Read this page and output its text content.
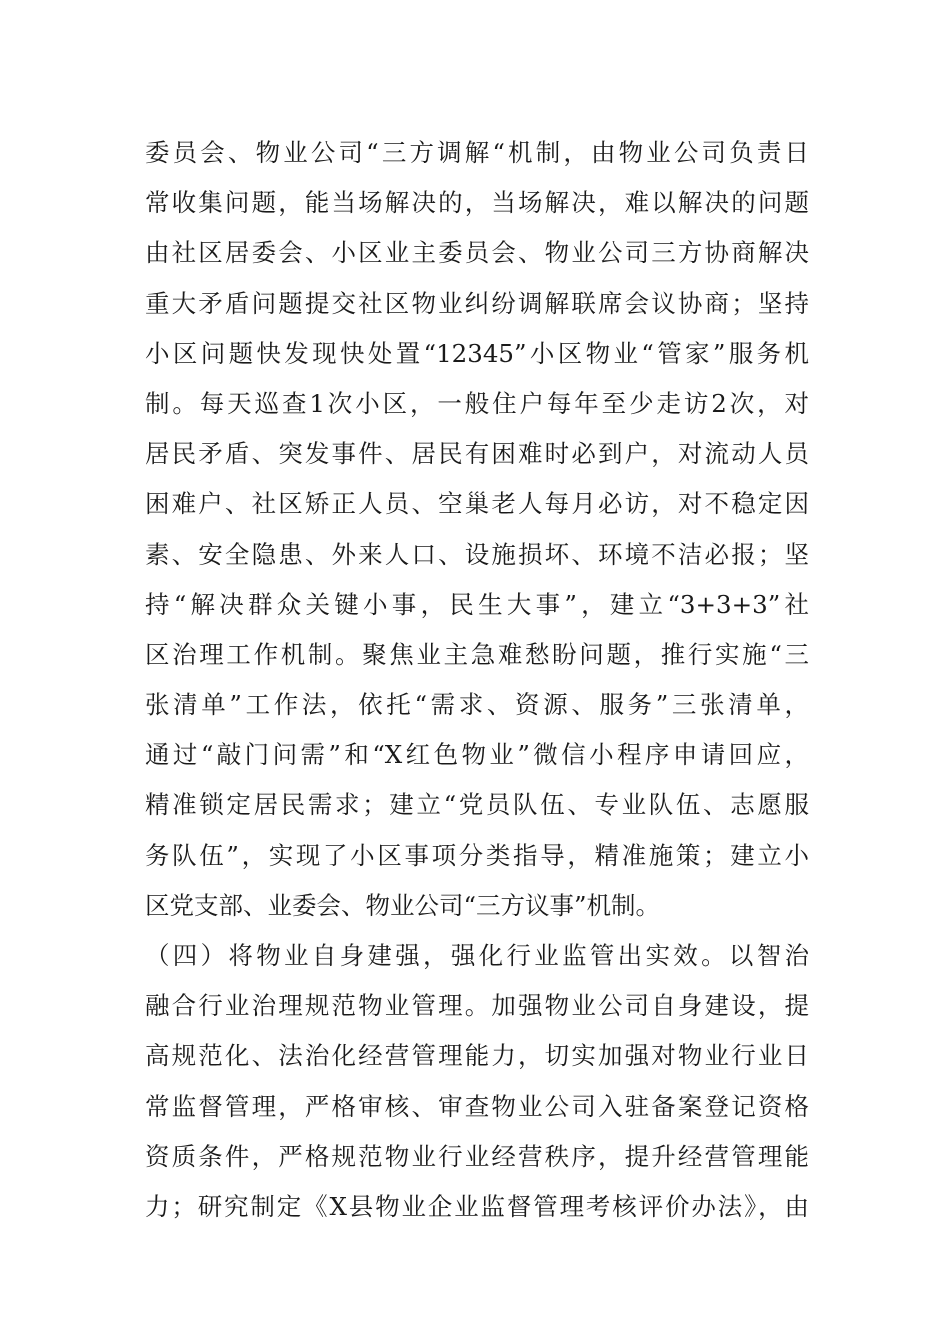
委员会、物业公司“三方调解“机制，由物业公司负责日
常收集问题，能当场解决的，当场解决，难以解决的问题
由社区居委会、小区业主委员会、物业公司三方协商解决
重大矛盾问题提交社区物业纠纷调解联席会议协商；坚持
小区问题快发现快处置“12345”小区物业“管家”服务机
制。每天巡查1次小区，一般住户每年至少走访2次，对
居民矛盾、突发事件、居民有困难时必到户，对流动人员
困难户、社区矫正人员、空巢老人每月必访，对不稳定因
素、安全隐患、外来人口、设施损坏、环境不洁必报；坚
持“解决群众关键小事，民生大事”，建立“3+3+3”社
区治理工作机制。聚焦业主急难愁盼问题，推行实施“三
张清单”工作法，依托“需求、资源、服务”三张清单，
通过“敲门问需”和“X红色物业”微信小程序申请回应，
精准锁定居民需求；建立“党员队伍、专业队伍、志愿服
务队伍”，实现了小区事项分类指导，精准施策；建立小
区党支部、业委会、物业公司“三方议事”机制。
（四）将物业自身建强，强化行业监管出实效。以智治
融合行业治理规范物业管理。加强物业公司自身建设，提
高规范化、法治化经营管理能力，切实加强对物业行业日
常监督管理，严格审核、审查物业公司入驻备案登记资格
资质条件，严格规范物业行业经营秩序，提升经营管理能
力；研究制定《X县物业企业监督管理考核评价办法》，由
